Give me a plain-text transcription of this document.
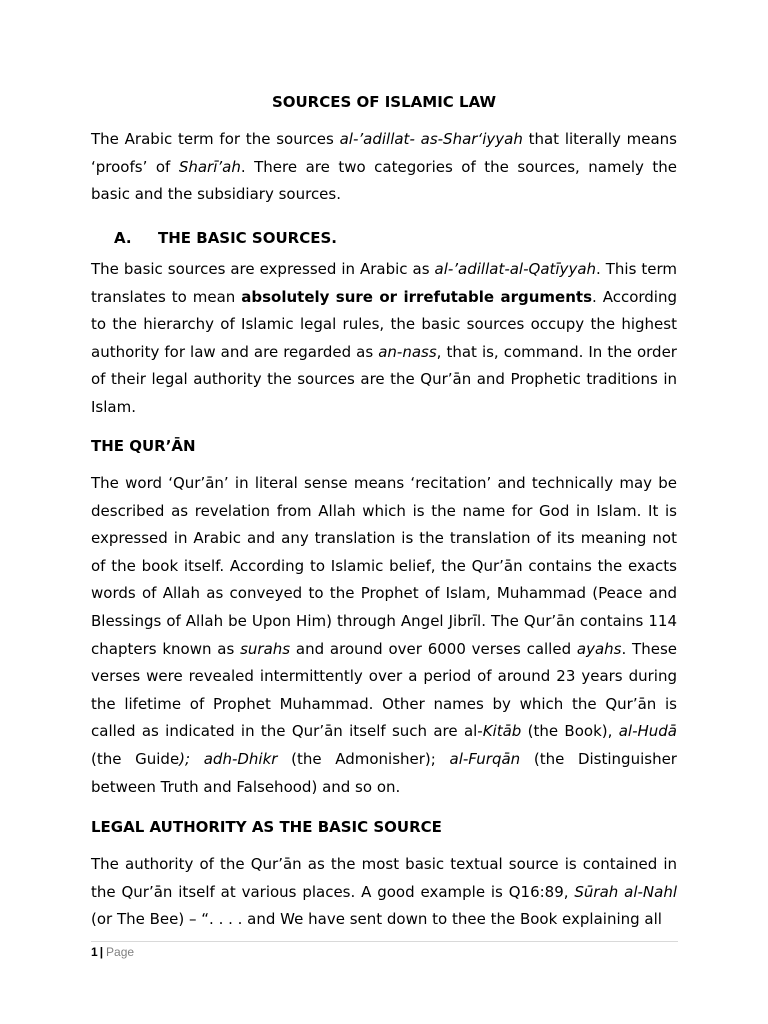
SOURCES OF ISLAMIC LAW
The Arabic term for the sources al-’adillat- as-Shar‘iyyah that literally means ‘proofs’ of Sharī’ah. There are two categories of the sources, namely the basic and the subsidiary sources.
A. THE BASIC SOURCES.
The basic sources are expressed in Arabic as al-’adillat-al-Qatīyyah. This term translates to mean absolutely sure or irrefutable arguments. According to the hierarchy of Islamic legal rules, the basic sources occupy the highest authority for law and are regarded as an-nass, that is, command. In the order of their legal authority the sources are the Qur’ān and Prophetic traditions in Islam.
THE QUR’ĀN
The word ‘Qur’ān’ in literal sense means ‘recitation’ and technically may be described as revelation from Allah which is the name for God in Islam. It is expressed in Arabic and any translation is the translation of its meaning not of the book itself. According to Islamic belief, the Qur’ān contains the exacts words of Allah as conveyed to the Prophet of Islam, Muhammad (Peace and Blessings of Allah be Upon Him) through Angel Jibrīl. The Qur’ān contains 114 chapters known as surahs and around over 6000 verses called ayahs. These verses were revealed intermittently over a period of around 23 years during the lifetime of Prophet Muhammad. Other names by which the Qur’ān is called as indicated in the Qur’ān itself such are al-Kitāb (the Book), al-Hudā (the Guide); adh-Dhikr (the Admonisher); al-Furqān (the Distinguisher between Truth and Falsehood) and so on.
LEGAL AUTHORITY AS THE BASIC SOURCE
The authority of the Qur’ān as the most basic textual source is contained in the Qur’ān itself at various places. A good example is Q16:89, Sūrah al-Nahl (or The Bee) – “. . . . and We have sent down to thee the Book explaining all
1 | Page
